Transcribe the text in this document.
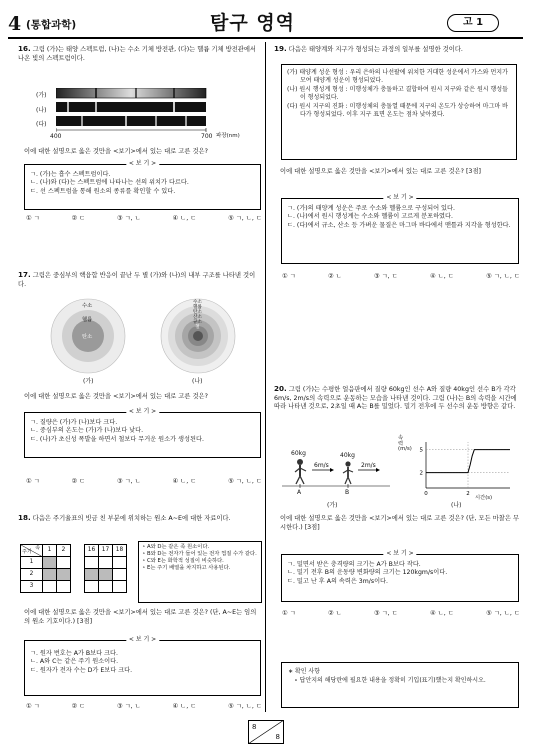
4 (통합과학)	탐구 영역	고 1
16. 그림 (가)는 태양 스펙트럼, (나)는 수소 기체 방전관, (다)는 헬륨 기체 방전관에서 나온 빛의 스펙트럼이다.
(가)
(나)
(다)
400	700 파장(nm)
이에 대한 설명으로 옳은 것만을 <보기>에서 있는 대로 고른 것은?
< 보 기 >
ㄱ. (가)는 흡수 스펙트럼이다.
ㄴ. (나)와 (다)는 스펙트럼에 나타나는 선의 위치가 다르다.
ㄷ. 선 스펙트럼을 통해 원소의 종류를 확인할 수 있다.
① ㄱ	② ㄷ	③ ㄱ, ㄴ	④ ㄴ, ㄷ	⑤ ㄱ, ㄴ, ㄷ
17. 그림은 중심부의 핵융합 반응이 끝난 두 별 (가)와 (나)의 내부 구조를 나타낸 것이다.
수소
헬륨
탄소
수소
헬륨
탄소
산소
규소
철
(가)	(나)
이에 대한 설명으로 옳은 것만을 <보기>에서 있는 대로 고른 것은?
< 보 기 >
ㄱ. 질량은 (가)가 (나)보다 크다.
ㄴ. 중심부의 온도는 (가)가 (나)보다 낮다.
ㄷ. (나)가 초신성 폭발을 하면서 철보다 무거운 원소가 생성된다.
① ㄱ	② ㄷ	③ ㄱ, ㄴ	④ ㄴ, ㄷ	⑤ ㄱ, ㄴ, ㄷ
18. 다음은 주기율표의 빗금 친 부분에 위치하는 원소 A~E에 대한 자료이다.
족
주기	1	2		16	17	18
1						
2						
3						
∘ A와 D는 같은 족 원소이다.
∘ B와 D는 전자가 들어 있는 전자 껍질 수가 같다.
∘ C와 E는 화학적 성질이 비슷하다.
∘ E는 주기 배열을 차지하고 사용된다.
이에 대한 설명으로 옳은 것만을 <보기>에서 있는 대로 고른 것은? (단, A~E는 임의의 원소 기호이다.) [3점]
< 보 기 >
ㄱ. 원자 번호는 A가 B보다 크다.
ㄴ. A와 C는 같은 주기 원소이다.
ㄷ. 원자가 전자 수는 D가 E보다 크다.
① ㄱ	② ㄷ	③ ㄱ, ㄴ	④ ㄴ, ㄷ	⑤ ㄱ, ㄴ, ㄷ
19. 다음은 태양계와 지구가 형성되는 과정의 일부를 설명한 것이다.
(가) 태양계 성운 형성 : 우리 은하의 나선팔에 위치한 거대한 성운에서 가스와 먼지가 모여 태양계 성운이 형성되었다.
(나) 원시 행성계 형성 : 미행성체가 충돌하고 결합하여 원시 지구와 같은 원시 행성들이 형성되었다.
(다) 원시 지구의 진화 : 미행성체의 충돌열 때문에 지구의 온도가 상승하여 마그마 바다가 형성되었다. 이후 지구 표면 온도는 점차 낮아졌다.
이에 대한 설명으로 옳은 것만을 <보기>에서 있는 대로 고른 것은? [3점]
< 보 기 >
ㄱ. (가)의 태양계 성운은 주로 수소와 헬륨으로 구성되어 있다.
ㄴ. (나)에서 원시 행성계는 수소와 헬륨이 고르게 분포하였다.
ㄷ. (다)에서 규소, 산소 등 가벼운 물질은 마그마 바다에서 맨틀과 지각을 형성한다.
① ㄱ	② ㄴ	③ ㄱ, ㄷ	④ ㄴ, ㄷ	⑤ ㄱ, ㄴ, ㄷ
20. 그림 (가)는 수평한 얼음판에서 질량 60kg인 선수 A와 질량 40kg인 선수 B가 각각 6m/s, 2m/s의 속력으로 운동하는 모습을 나타낸 것이다. 그림 (나)는 B의 속력을 시간에 따라 나타낸 것으로, 2초일 때 A는 B를 밀었다. 밀기 전후에 두 선수의 운동 방향은 같다.
60kg	40kg
6m/s	2m/s
A	B
(가)
2
5
0	2
속력 (m/s)
시간(s)
(나)
이에 대한 설명으로 옳은 것만을 <보기>에서 있는 대로 고른 것은? (단, 모든 마찰은 무시한다.) [3점]
< 보 기 >
ㄱ. 밀면서 받은 충격량의 크기는 A가 B보다 작다.
ㄴ. 밀기 전후 B의 운동량 변화량의 크기는 120kgm/s이다.
ㄷ. 밀고 난 후 A의 속력은 3m/s이다.
① ㄱ	② ㄴ	③ ㄱ, ㄷ	④ ㄴ, ㄷ	⑤ ㄱ, ㄴ, ㄷ
∗ 확인 사항
∘ 답안지의 해당란에 필요한 내용을 정확히 기입(표기)했는지 확인하시오.
8
8
